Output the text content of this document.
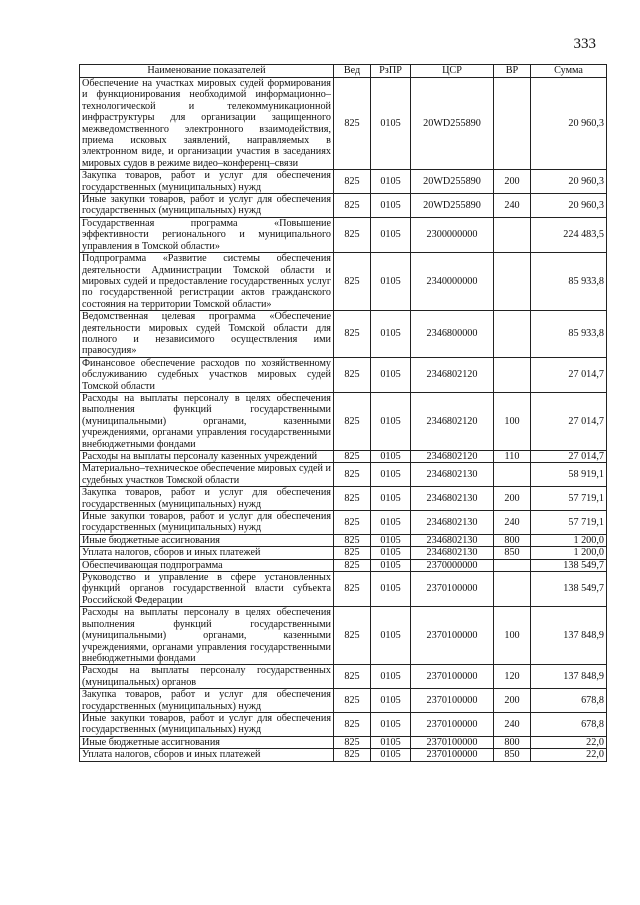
333
Наименование показателей	Вед	РзПР	ЦСР	ВР	Сумма
Обеспечение на участках мировых судей формирования и функционирования необходимой информационно–технологической и телекоммуникационной инфраструктуры для организации защищенного межведомственного электронного взаимодействия, приема исковых заявлений, направляемых в электронном виде, и организации участия в заседаниях мировых судов в режиме видео–конференц–связи	825	0105	20WD255890		20 960,3
Закупка товаров, работ и услуг для обеспечения государственных (муниципальных) нужд	825	0105	20WD255890	200	20 960,3
Иные закупки товаров, работ и услуг для обеспечения государственных (муниципальных) нужд	825	0105	20WD255890	240	20 960,3
Государственная программа «Повышение эффективности регионального и муниципального управления в Томской области»	825	0105	2300000000		224 483,5
Подпрограмма «Развитие системы обеспечения деятельности Администрации Томской области и мировых судей и предоставление государственных услуг по государственной регистрации актов гражданского состояния на территории Томской области»	825	0105	2340000000		85 933,8
Ведомственная целевая программа «Обеспечение деятельности мировых судей Томской области для полного и независимого осуществления ими правосудия»	825	0105	2346800000		85 933,8
Финансовое обеспечение расходов по хозяйственному обслуживанию судебных участков мировых судей Томской области	825	0105	2346802120		27 014,7
Расходы на выплаты персоналу в целях обеспечения выполнения функций государственными (муниципальными) органами, казенными учреждениями, органами управления государственными внебюджетными фондами	825	0105	2346802120	100	27 014,7
Расходы на выплаты персоналу казенных учреждений	825	0105	2346802120	110	27 014,7
Материально–техническое обеспечение мировых судей и судебных участков Томской области	825	0105	2346802130		58 919,1
Закупка товаров, работ и услуг для обеспечения государственных (муниципальных) нужд	825	0105	2346802130	200	57 719,1
Иные закупки товаров, работ и услуг для обеспечения государственных (муниципальных) нужд	825	0105	2346802130	240	57 719,1
Иные бюджетные ассигнования	825	0105	2346802130	800	1 200,0
Уплата налогов, сборов и иных платежей	825	0105	2346802130	850	1 200,0
Обеспечивающая подпрограмма	825	0105	2370000000		138 549,7
Руководство и управление в сфере установленных функций органов государственной власти субъекта Российской Федерации	825	0105	2370100000		138 549,7
Расходы на выплаты персоналу в целях обеспечения выполнения функций государственными (муниципальными) органами, казенными учреждениями, органами управления государственными внебюджетными фондами	825	0105	2370100000	100	137 848,9
Расходы на выплаты персоналу государственных (муниципальных) органов	825	0105	2370100000	120	137 848,9
Закупка товаров, работ и услуг для обеспечения государственных (муниципальных) нужд	825	0105	2370100000	200	678,8
Иные закупки товаров, работ и услуг для обеспечения государственных (муниципальных) нужд	825	0105	2370100000	240	678,8
Иные бюджетные ассигнования	825	0105	2370100000	800	22,0
Уплата налогов, сборов и иных платежей	825	0105	2370100000	850	22,0
